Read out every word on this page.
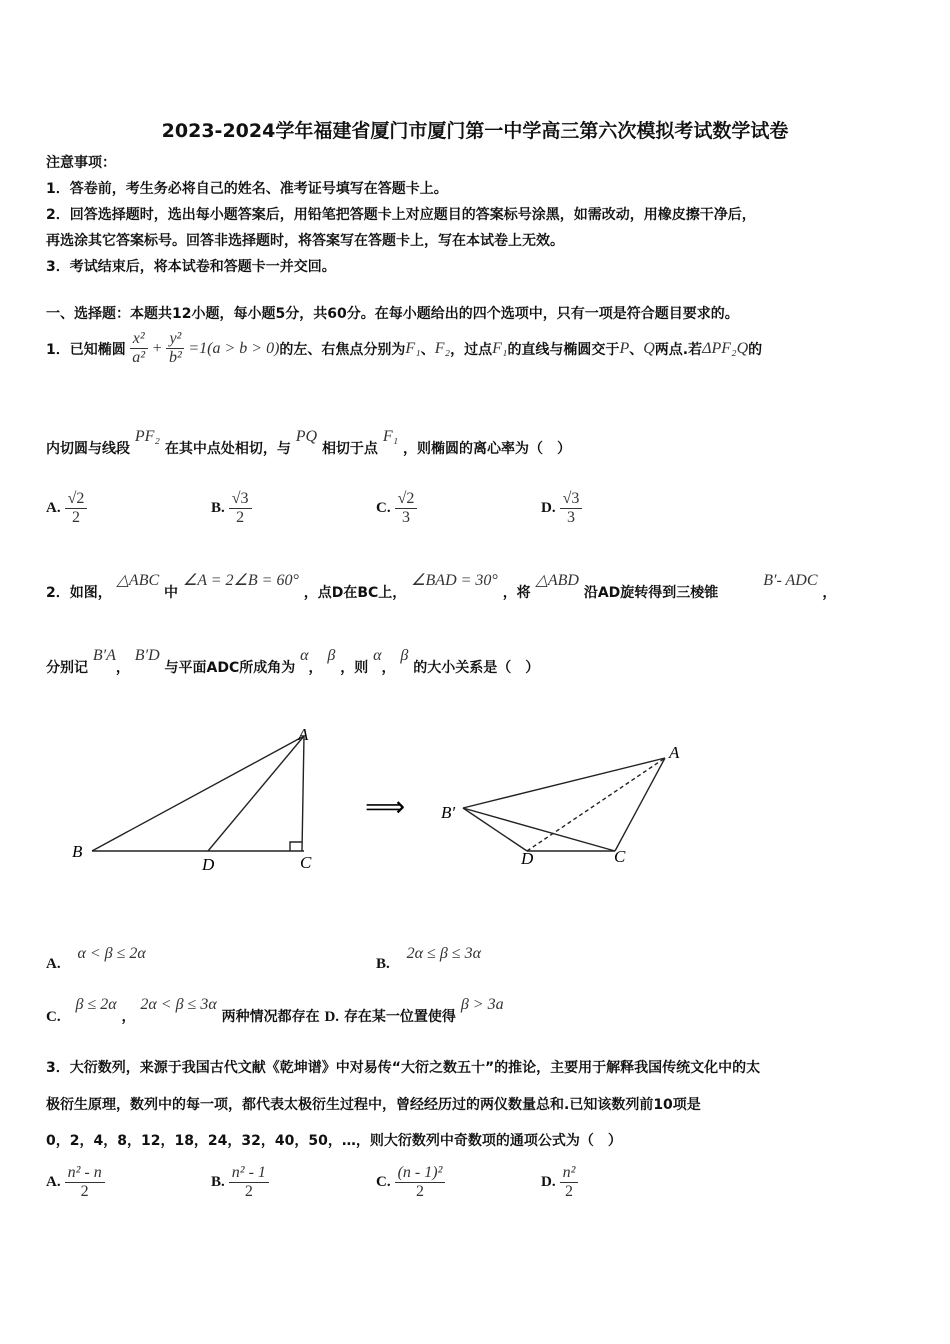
2023-2024学年福建省厦门市厦门第一中学高三第六次模拟考试数学试卷
注意事项：
1．答卷前，考生务必将自己的姓名、准考证号填写在答题卡上。
2．回答选择题时，选出每小题答案后，用铅笔把答题卡上对应题目的答案标号涂黑，如需改动，用橡皮擦干净后，
再选涂其它答案标号。回答非选择题时，将答案写在答题卡上，写在本试卷上无效。
3．考试结束后，将本试卷和答题卡一并交回。
一、选择题：本题共12小题，每小题5分，共60分。在每小题给出的四个选项中，只有一项是符合题目要求的。
1．已知椭圆 $\frac{\text{x²}}{\text{a²}} + \frac{\text{y²}}{\text{b²}} =1(a > b > 0)$ 的左、右焦点分别为 F₁ 、 F₂ ，过点 F₁ 的直线与椭圆交于 P 、 Q 两点.若 ΔPF₂Q 的
内切圆与线段 PF₂ 在其中点处相切，与 PQ 相切于点 F₁ ，则椭圆的离心率为（　）
A. $\frac{√2}{2}$	B. $\frac{√3}{2}$	C. $\frac{√2}{3}$	D. $\frac{√3}{3}$
2．如图， △ABC 中 ∠A = 2∠B = 60° ，点D在BC上， ∠BAD = 30° ，将 △ABD 沿AD旋转得到三棱锥 B′- ADC ，
分别记 B′A， B′D 与平面ADC所成角为 α， β ，则 α， β 的大小关系是（　）
A
B
C
D
⟹
A
B′
C
D
A. α < β ≤ 2α
B. 2α ≤ β ≤ 3α
C. β ≤ 2α ， 2α < β ≤ 3α 两种情况都存在 D. 存在某一位置使得 β > 3a
3．大衍数列，来源于我国古代文献《乾坤谱》中对易传“大衍之数五十”的推论，主要用于解释我国传统文化中的太
极衍生原理，数列中的每一项，都代表太极衍生过程中，曾经经历过的两仪数量总和.已知该数列前10项是
0，2，4，8，12，18，24，32，40，50，…，则大衍数列中奇数项的通项公式为（　）
A. $\frac{\text{n² - n}}{2}$	B. $\frac{\text{n² - 1}}{2}$	C. $\frac{\text{(n - 1)²}}{2}$	D. $\frac{\text{n²}}{2}$
